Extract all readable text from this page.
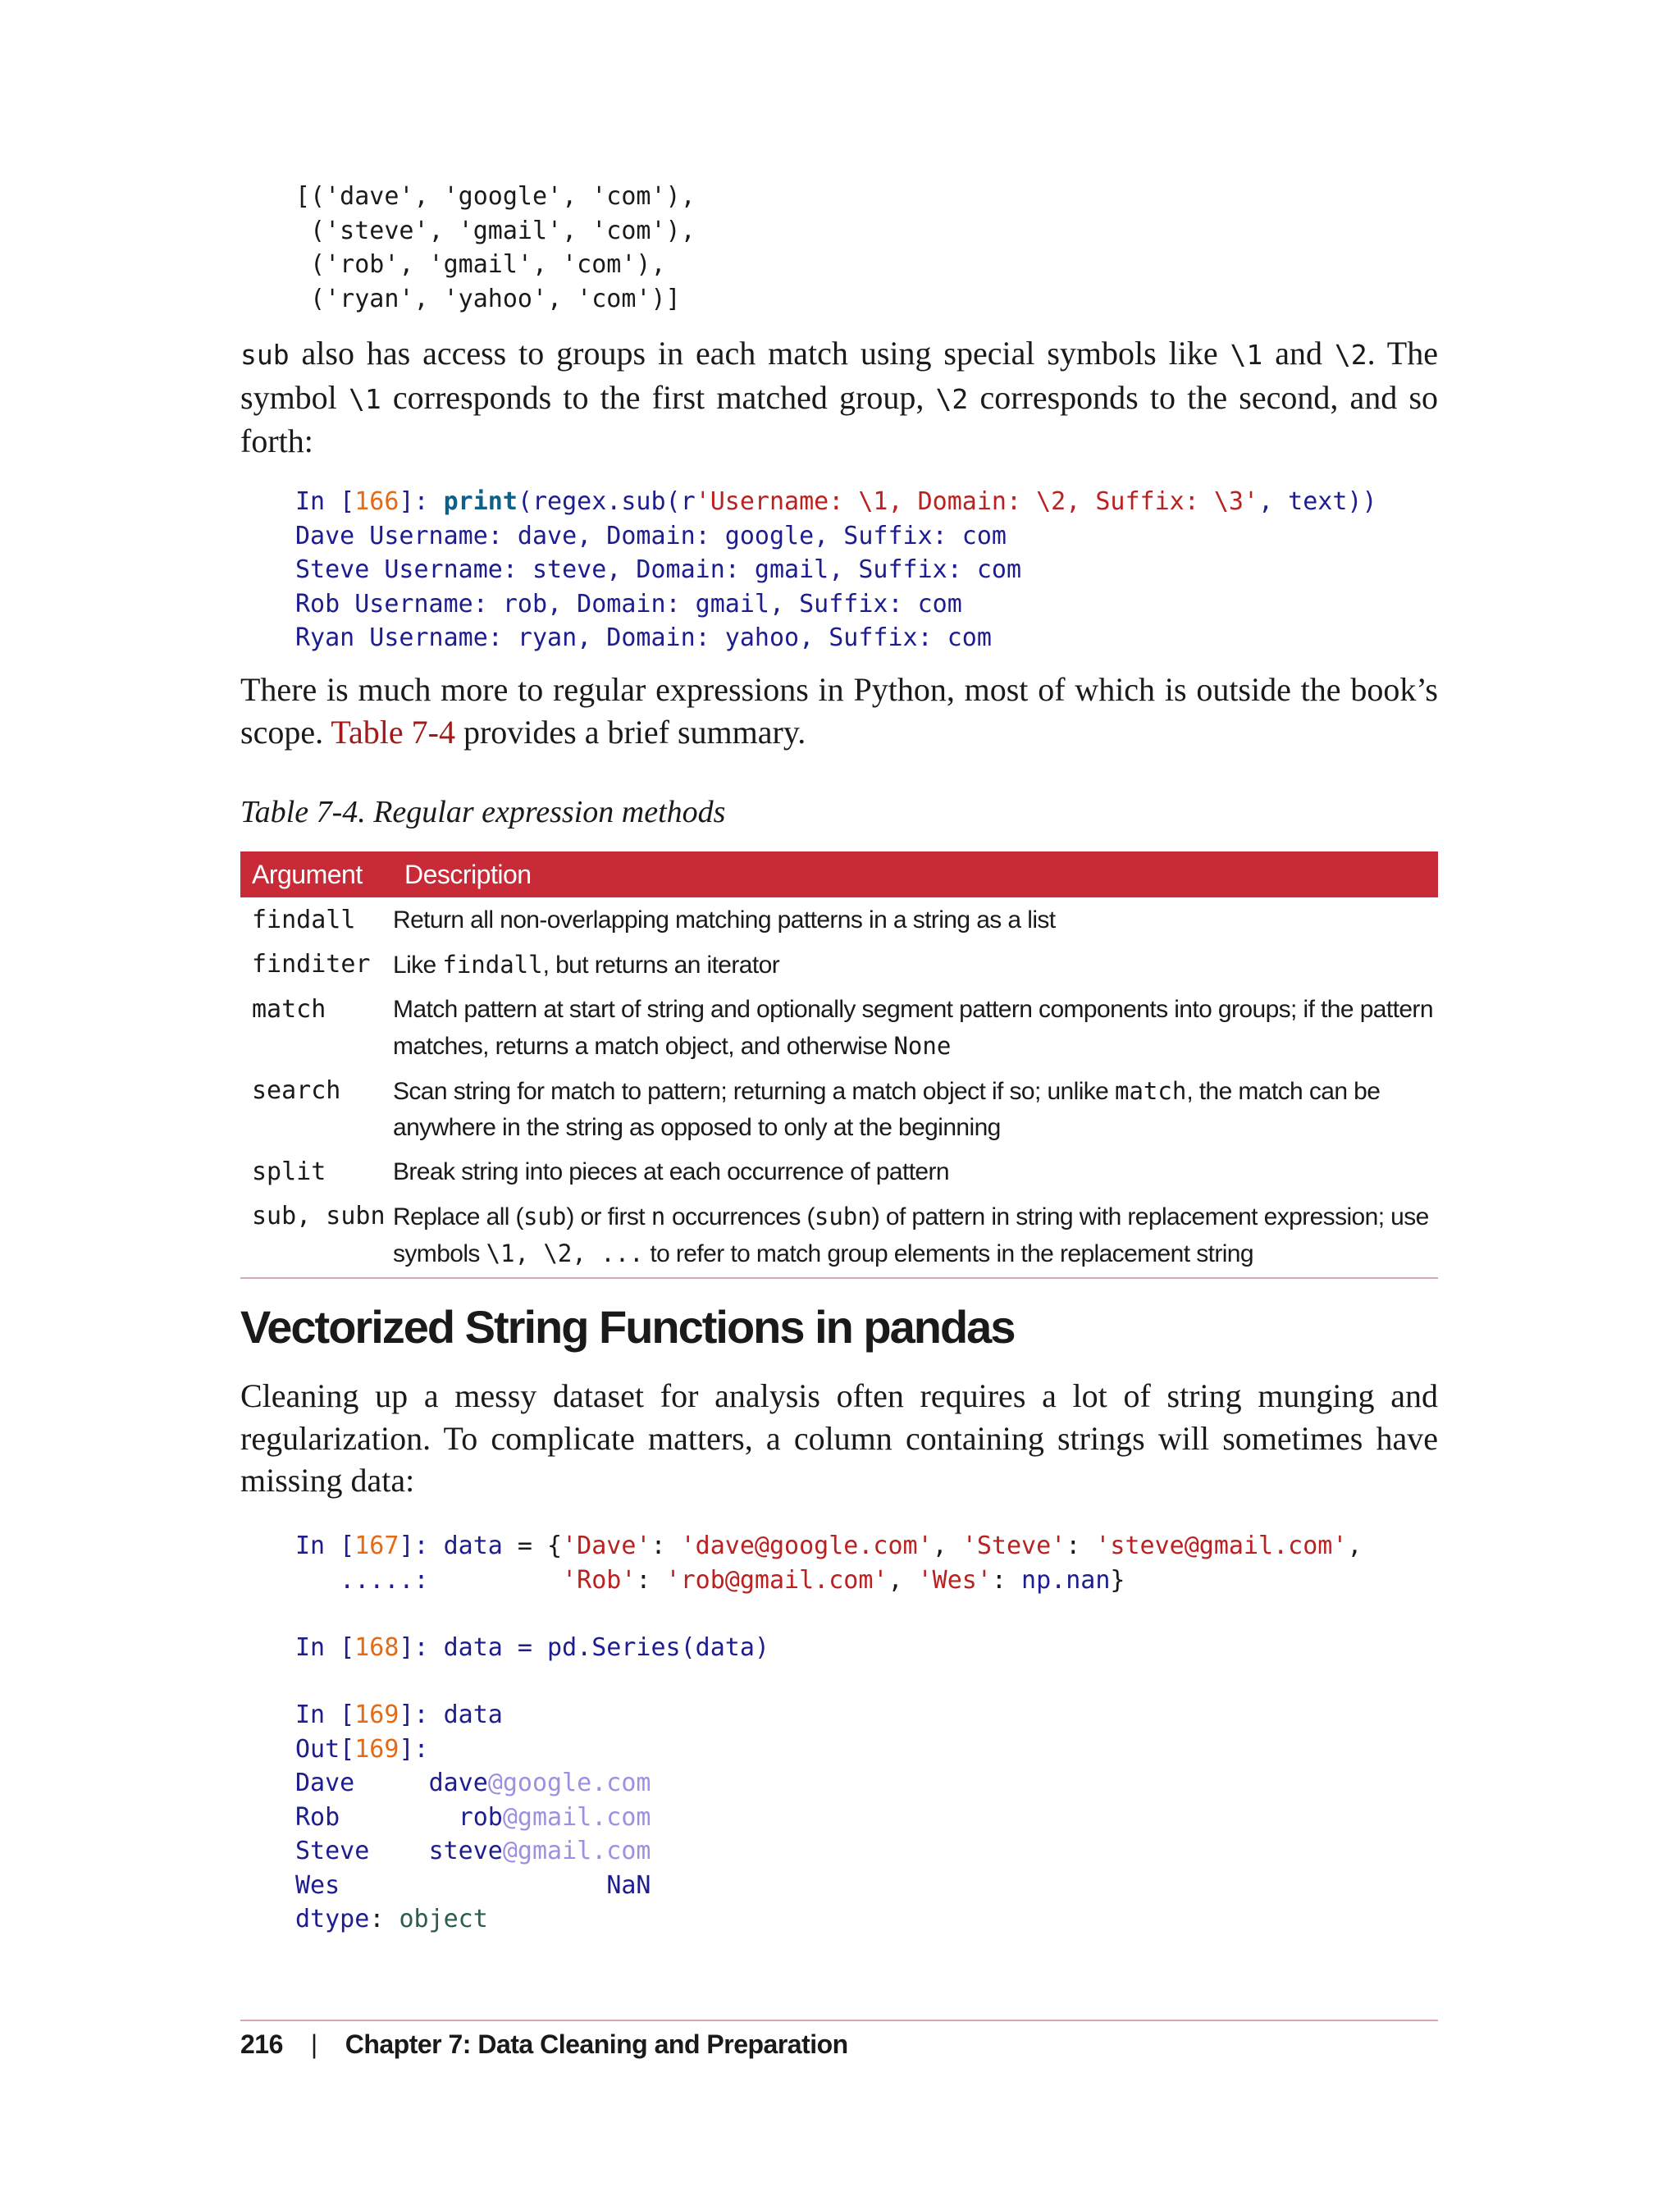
[('dave', 'google', 'com'),
('steve', 'gmail', 'com'),
('rob', 'gmail', 'com'),
('ryan', 'yahoo', 'com')]

sub also has access to groups in each match using special symbols like \1 and \2. The symbol \1 corresponds to the first matched group, \2 corresponds to the second, and so forth:

In [166]: print(regex.sub(r'Username: \1, Domain: \2, Suffix: \3', text))
Dave Username: dave, Domain: google, Suffix: com
Steve Username: steve, Domain: gmail, Suffix: com
Rob Username: rob, Domain: gmail, Suffix: com
Ryan Username: ryan, Domain: yahoo, Suffix: com

There is much more to regular expressions in Python, most of which is outside the book’s scope. Table 7-4 provides a brief summary.

Table 7-4. Regular expression methods

Argument	Description
findall	Return all non-overlapping matching patterns in a string as a list
finditer Like findall, but returns an iterator
match	Match pattern at start of string and optionally segment pattern components into groups; if the pattern matches, returns a match object, and otherwise None
search	Scan string for match to pattern; returning a match object if so; unlike match, the match can be anywhere in the string as opposed to only at the beginning
split	Break string into pieces at each occurrence of pattern
sub, subn Replace all (sub) or first n occurrences (subn) of pattern in string with replacement expression; use symbols \1, \2, ... to refer to match group elements in the replacement string
Vectorized String Functions in pandas

Cleaning up a messy dataset for analysis often requires a lot of string munging and regularization. To complicate matters, a column containing strings will sometimes have missing data:

In [167]: data = {'Dave': 'dave@google.com', 'Steve': 'steve@gmail.com',
.....:         'Rob': 'rob@gmail.com', 'Wes': np.nan}
In [168]: data = pd.Series(data)
In [169]: data
Out[169]:
Dave     dave@google.com
Rob        rob@gmail.com
Steve    steve@gmail.com
Wes	NaN
dtype: object

216 | Chapter 7: Data Cleaning and Preparation
